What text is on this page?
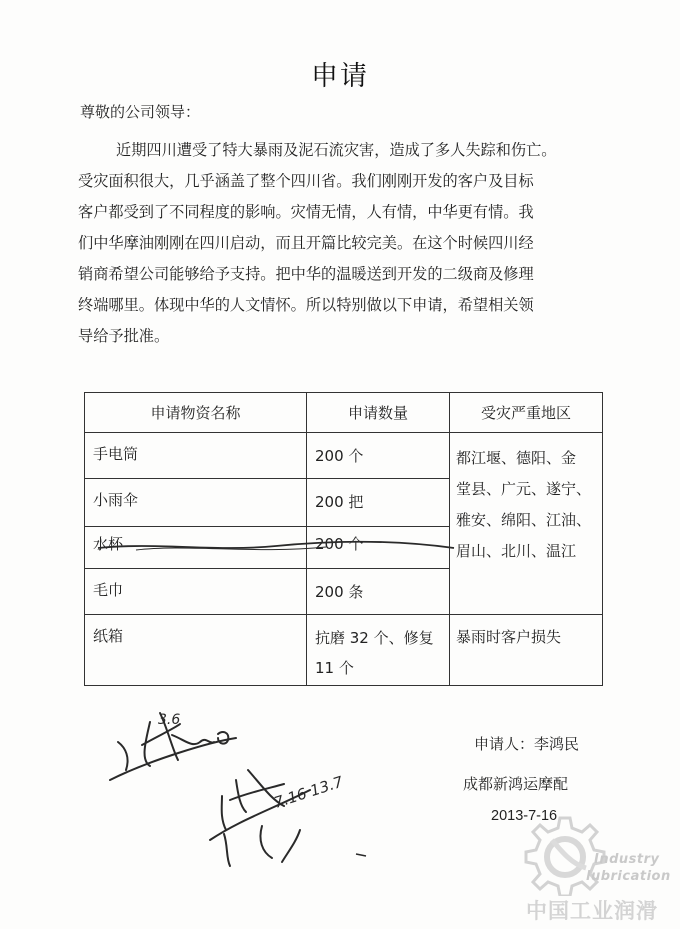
申请
尊敬的公司领导：
近期四川遭受了特大暴雨及泥石流灾害，造成了多人失踪和伤亡。
受灾面积很大，几乎涵盖了整个四川省。我们刚刚开发的客户及目标
客户都受到了不同程度的影响。灾情无情，人有情，中华更有情。我
们中华摩油刚刚在四川启动，而且开篇比较完美。在这个时候四川经
销商希望公司能够给予支持。把中华的温暖送到开发的二级商及修理
终端哪里。体现中华的人文情怀。所以特别做以下申请，希望相关领
导给予批准。
申请物资名称	申请数量	受灾严重地区
手电筒	200 个	都江堰、德阳、金
堂县、广元、遂宁、
雅安、绵阳、江油、
眉山、北川、温江

小雨伞	200 把	
水杯	200 个	
毛巾	200 条	
纸箱	抗磨 32 个、修复
11 个	暴雨时客户损失
申请人：李鸿民
成都新鸿运摩配
2013-7-16
3.6
7.16 13.7
Industry
lubrication
中国工业润滑
